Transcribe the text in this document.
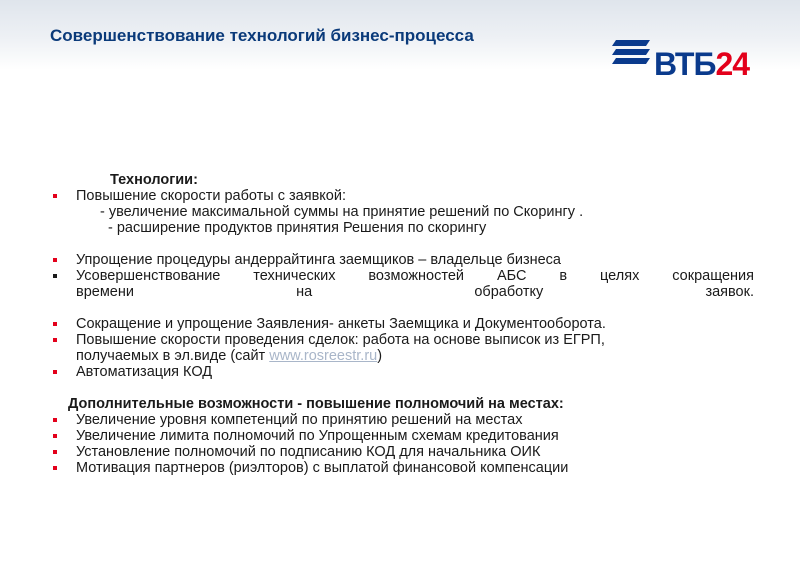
Совершенствование технологий бизнес-процесса
ВТБ24
Технологии:
Повышение скорости работы с заявкой:
- увеличение максимальной суммы на принятие решений по Скорингу .
- расширение продуктов принятия Решения по скорингу
Упрощение процедуры андеррайтинга заемщиков – владельце бизнеса
Усовершенствование технических возможностей АБС в целях сокращения
времени на обработку заявок.
Сокращение и упрощение Заявления- анкеты Заемщика и Документооборота.
Повышение скорости проведения сделок: работа на основе выписок из ЕГРП,
получаемых в эл.виде (сайт www.rosreestr.ru)
Автоматизация КОД
Дополнительные возможности - повышение полномочий на местах:
Увеличение уровня компетенций по принятию решений на местах
Увеличение лимита полномочий по Упрощенным схемам кредитования
Установление полномочий по подписанию КОД для начальника ОИК
Мотивация партнеров (риэлторов) с выплатой финансовой компенсации
